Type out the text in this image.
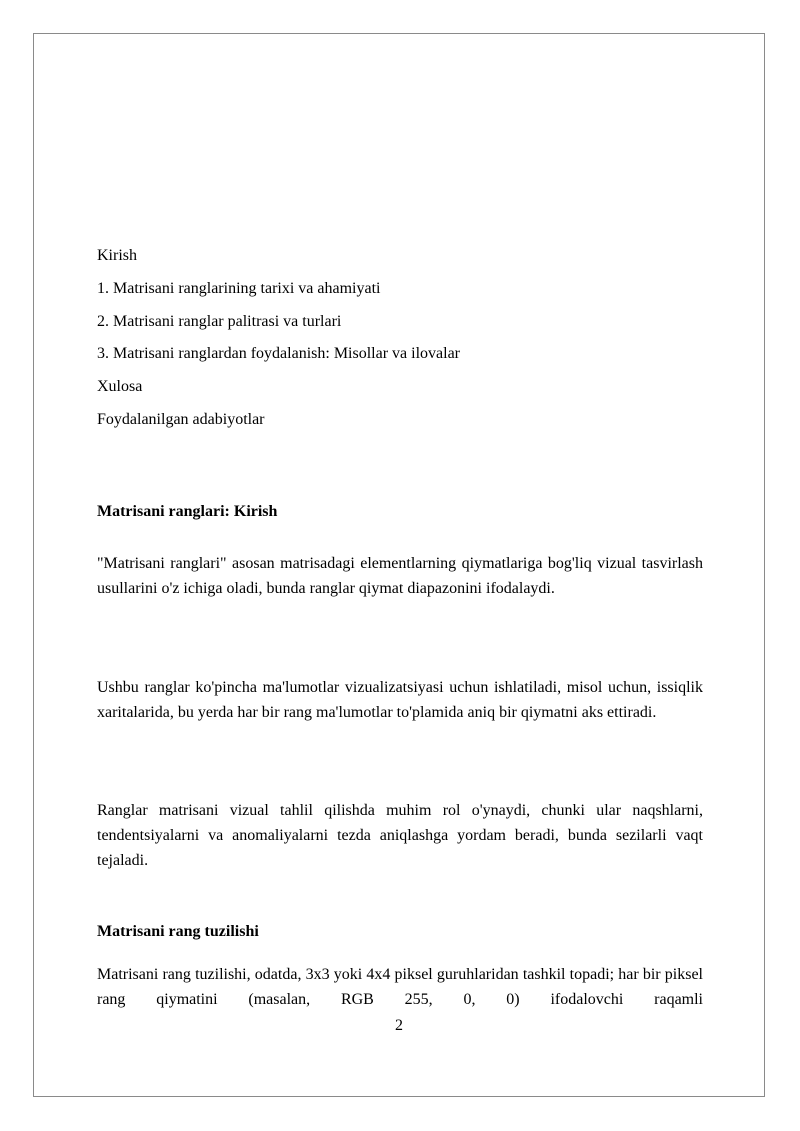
Kirish
1. Matrisani ranglarining tarixi va ahamiyati
2. Matrisani ranglar palitrasi va turlari
3. Matrisani ranglardan foydalanish: Misollar va ilovalar
Xulosa
Foydalanilgan adabiyotlar
Matrisani ranglari: Kirish
"Matrisani ranglari" asosan matrisadagi elementlarning qiymatlariga bog'liq vizual tasvirlash usullarini o'z ichiga oladi, bunda ranglar qiymat diapazonini ifodalaydi.
Ushbu ranglar ko'pincha ma'lumotlar vizualizatsiyasi uchun ishlatiladi, misol uchun, issiqlik xaritalarida, bu yerda har bir rang ma'lumotlar to'plamida aniq bir qiymatni aks ettiradi.
Ranglar matrisani vizual tahlil qilishda muhim rol o'ynaydi, chunki ular naqshlarni, tendentsiyalarni va anomaliyalarni tezda aniqlashga yordam beradi, bunda sezilarli vaqt tejaladi.
Matrisani rang tuzilishi
Matrisani rang tuzilishi, odatda, 3x3 yoki 4x4 piksel guruhlaridan tashkil topadi; har bir piksel rang qiymatini (masalan, RGB 255, 0, 0) ifodalovchi raqamli
2
